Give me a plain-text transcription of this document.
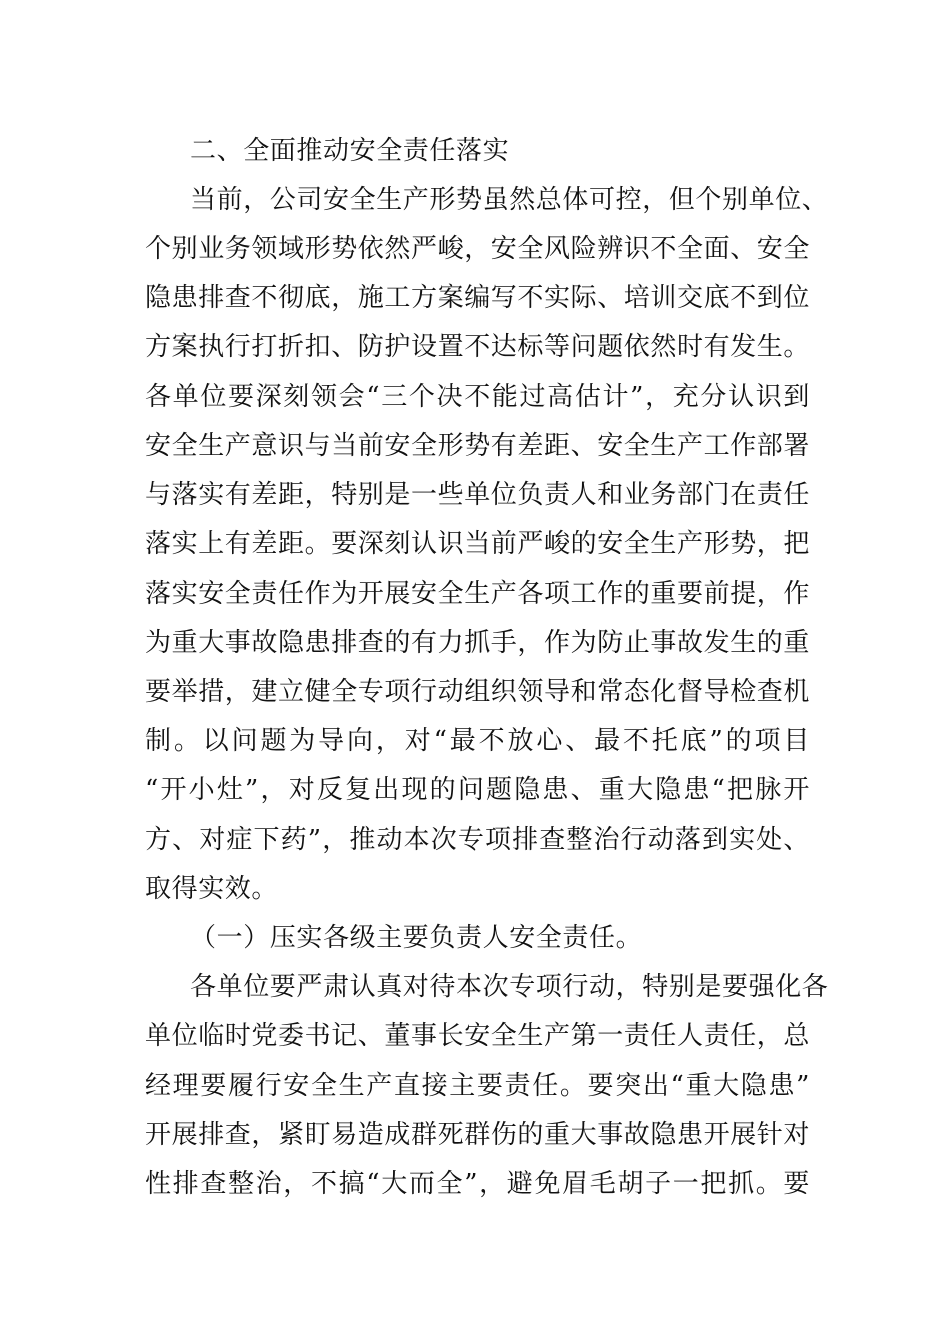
二、全面推动安全责任落实
当前，公司安全生产形势虽然总体可控，但个别单位、
个别业务领域形势依然严峻，安全风险辨识不全面、安全
隐患排查不彻底，施工方案编写不实际、培训交底不到位
方案执行打折扣、防护设置不达标等问题依然时有发生。
各单位要深刻领会“三个决不能过高估计”，充分认识到
安全生产意识与当前安全形势有差距、安全生产工作部署
与落实有差距，特别是一些单位负责人和业务部门在责任
落实上有差距。要深刻认识当前严峻的安全生产形势，把
落实安全责任作为开展安全生产各项工作的重要前提，作
为重大事故隐患排查的有力抓手，作为防止事故发生的重
要举措，建立健全专项行动组织领导和常态化督导检查机
制。以问题为导向，对“最不放心、最不托底”的项目
“开小灶”，对反复出现的问题隐患、重大隐患“把脉开
方、对症下药”，推动本次专项排查整治行动落到实处、
取得实效。
（一）压实各级主要负责人安全责任。
各单位要严肃认真对待本次专项行动，特别是要强化各
单位临时党委书记、董事长安全生产第一责任人责任，总
经理要履行安全生产直接主要责任。要突出“重大隐患”
开展排查，紧盯易造成群死群伤的重大事故隐患开展针对
性排查整治，不搞“大而全”，避免眉毛胡子一把抓。要
